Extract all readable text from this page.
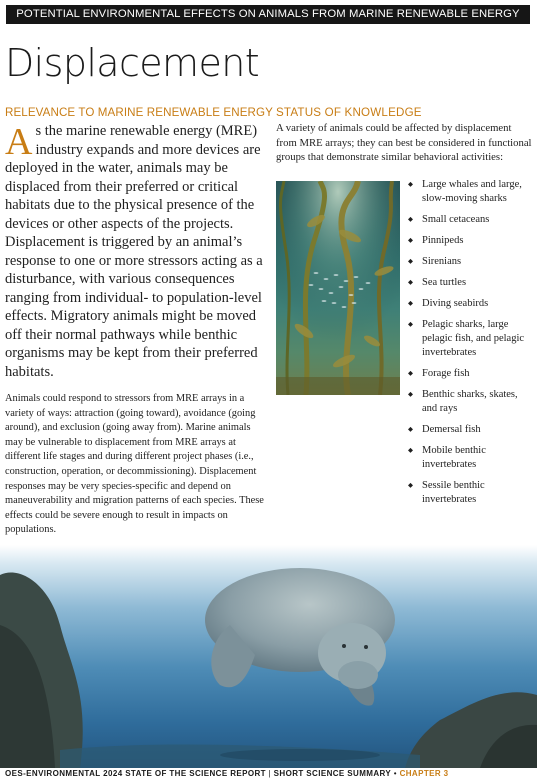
POTENTIAL ENVIRONMENTAL EFFECTS ON ANIMALS FROM MARINE RENEWABLE ENERGY
Displacement
RELEVANCE TO MARINE RENEWABLE ENERGY STATUS OF KNOWLEDGE
As the marine renewable energy (MRE) industry expands and more devices are deployed in the water, animals may be displaced from their preferred or critical habitats due to the physical presence of the devices or other aspects of the projects. Displacement is triggered by an animal’s response to one or more stressors acting as a disturbance, with various consequences ranging from individual- to population-level effects. Migratory animals might be moved off their normal pathways while benthic organisms may be kept from their preferred habitats.
Animals could respond to stressors from MRE arrays in a variety of ways: attraction (going toward), avoidance (going around), and exclusion (going away from). Marine animals may be vulnerable to displacement from MRE arrays at different life stages and during different project phases (i.e., construction, operation, or decommissioning). Displacement responses may be very species-specific and depend on maneuverability and migration patterns of each species. These effects could be severe enough to result in impacts on populations.
A variety of animals could be affected by displacement from MRE arrays; they can best be considered in functional groups that demonstrate similar behavioral activities:
◆ Large whales and large, slow-moving sharks
◆ Small cetaceans
◆ Pinnipeds
◆ Sirenians
◆ Sea turtles
◆ Diving seabirds
◆ Pelagic sharks, large pelagic fish, and pelagic invertebrates
◆ Forage fish
◆ Benthic sharks, skates, and rays
◆ Demersal fish
◆ Mobile benthic invertebrates
◆ Sessile benthic invertebrates
OES-ENVIRONMENTAL 2024 STATE OF THE SCIENCE REPORT | SHORT SCIENCE SUMMARY • CHAPTER 3
